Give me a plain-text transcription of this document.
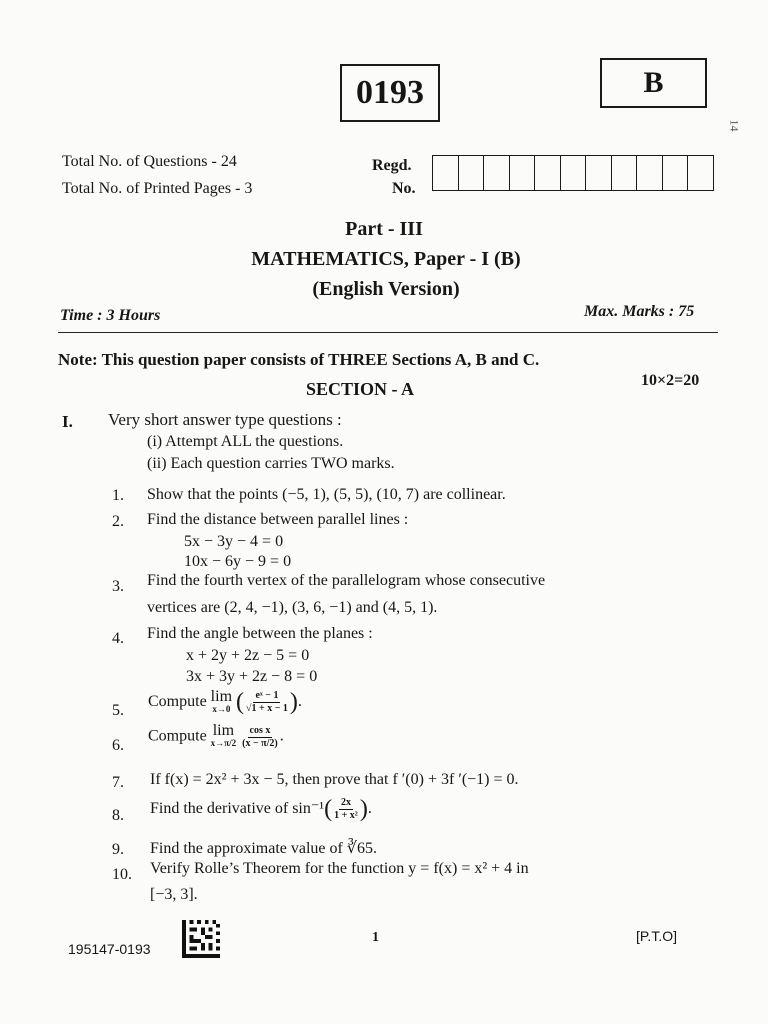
0193	B
14
Total No. of Questions - 24
Total No. of Printed Pages - 3
Regd.
No.
Part - III
MATHEMATICS, Paper - I (B)
(English Version)
Time : 3 Hours	Max. Marks : 75
Note: This question paper consists of THREE Sections A, B and C.
SECTION - A	10×2=20
I. Very short answer type questions :
(i) Attempt ALL the questions.
(ii) Each question carries TWO marks.
1. Show that the points (−5, 1), (5, 5), (10, 7) are collinear.
2. Find the distance between parallel lines :
5x − 3y − 4 = 0
10x − 6y − 9 = 0
3. Find the fourth vertex of the parallelogram whose consecutive
vertices are (2, 4, −1), (3, 6, −1) and (4, 5, 1).
4. Find the angle between the planes :
x + 2y + 2z − 5 = 0
3x + 3y + 2z − 8 = 0
5.
Compute lim
x→0 ( $\frac{\text{eˣ − 1}}{√1 + x - 1}$ ).
6.
Compute lim
x→π/2
$\frac{\text{cos x}}{(x - \pi/2)}$ .
7. If f(x) = 2x² + 3x − 5, then prove that f ′(0) + 3f ′(−1) = 0.
8. Find the derivative of $\sin^{-1}( \frac{2x}{\text{1 + x²}}$ ).
9. Find the approximate value of ∛65.
10. Verify Rolle’s Theorem for the function y = f(x) = x² + 4 in
[−3, 3].
195147-0193
1	[P.T.O]
